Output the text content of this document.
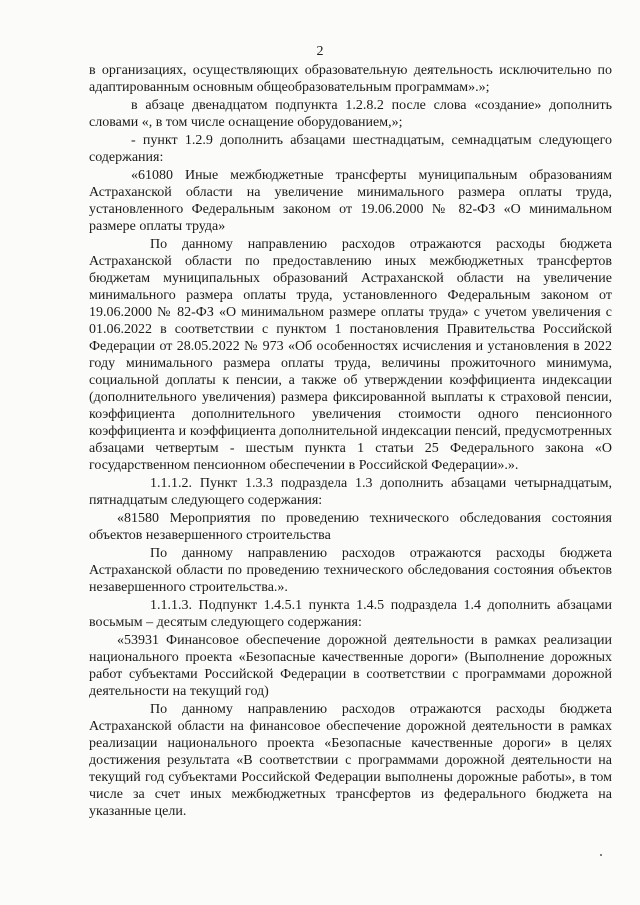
2

в организациях, осуществляющих образовательную деятельность исключительно по адаптированным основным общеобразовательным программам».»;

в абзаце двенадцатом подпункта 1.2.8.2 после слова «создание» дополнить словами «, в том числе оснащение оборудованием,»;

- пункт 1.2.9 дополнить абзацами шестнадцатым, семнадцатым следующего содержания:

«61080 Иные межбюджетные трансферты муниципальным образованиям Астраханской области на увеличение минимального размера оплаты труда, установленного Федеральным законом от 19.06.2000 № 82-ФЗ «О минимальном размере оплаты труда»

По данному направлению расходов отражаются расходы бюджета Астраханской области по предоставлению иных межбюджетных трансфертов бюджетам муниципальных образований Астраханской области на увеличение минимального размера оплаты труда, установленного Федеральным законом от 19.06.2000 № 82-ФЗ «О минимальном размере оплаты труда» с учетом увеличения с 01.06.2022 в соответствии с пунктом 1 постановления Правительства Российской Федерации от 28.05.2022 № 973 «Об особенностях исчисления и установления в 2022 году минимального размера оплаты труда, величины прожиточного минимума, социальной доплаты к пенсии, а также об утверждении коэффициента индексации (дополнительного увеличения) размера фиксированной выплаты к страховой пенсии, коэффициента дополнительного увеличения стоимости одного пенсионного коэффициента и коэффициента дополнительной индексации пенсий, предусмотренных абзацами четвертым - шестым пункта 1 статьи 25 Федерального закона «О государственном пенсионном обеспечении в Российской Федерации».».

1.1.1.2. Пункт 1.3.3 подраздела 1.3 дополнить абзацами четырнадцатым, пятнадцатым следующего содержания:

«81580 Мероприятия по проведению технического обследования состояния объектов незавершенного строительства

По данному направлению расходов отражаются расходы бюджета Астраханской области по проведению технического обследования состояния объектов незавершенного строительства.».

1.1.1.3. Подпункт 1.4.5.1 пункта 1.4.5 подраздела 1.4 дополнить абзацами восьмым – десятым следующего содержания:

«53931 Финансовое обеспечение дорожной деятельности в рамках реализации национального проекта «Безопасные качественные дороги» (Выполнение дорожных работ субъектами Российской Федерации в соответствии с программами дорожной деятельности на текущий год)

По данному направлению расходов отражаются расходы бюджета Астраханской области на финансовое обеспечение дорожной деятельности в рамках реализации национального проекта «Безопасные качественные дороги» в целях достижения результата «В соответствии с программами дорожной деятельности на текущий год субъектами Российской Федерации выполнены дорожные работы», в том числе за счет иных межбюджетных трансфертов из федерального бюджета на указанные цели.
